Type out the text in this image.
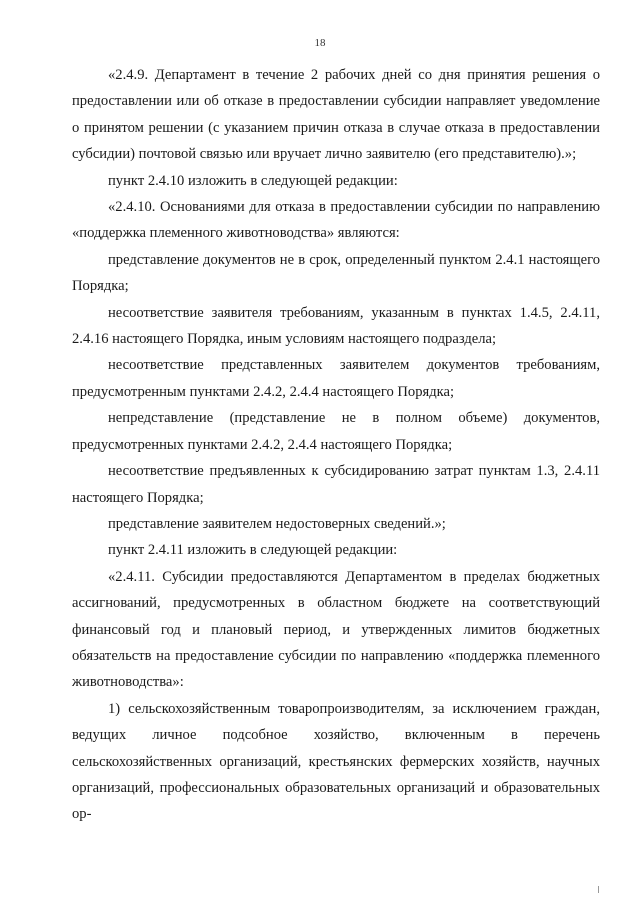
18

«2.4.9. Департамент в течение 2 рабочих дней со дня принятия решения о предоставлении или об отказе в предоставлении субсидии направляет уведомление о принятом решении (с указанием причин отказа в случае отказа в предоставлении субсидии) почтовой связью или вручает лично заявителю (его представителю).»;

пункт 2.4.10 изложить в следующей редакции:

«2.4.10. Основаниями для отказа в предоставлении субсидии по направлению «поддержка племенного животноводства» являются:

представление документов не в срок, определенный пунктом 2.4.1 настоящего Порядка;

несоответствие заявителя требованиям, указанным в пунктах 1.4.5, 2.4.11, 2.4.16 настоящего Порядка, иным условиям настоящего подраздела;

несоответствие представленных заявителем документов требованиям, предусмотренным пунктами 2.4.2, 2.4.4 настоящего Порядка;

непредставление (представление не в полном объеме) документов, предусмотренных пунктами 2.4.2, 2.4.4 настоящего Порядка;

несоответствие предъявленных к субсидированию затрат пунктам 1.3, 2.4.11 настоящего Порядка;

представление заявителем недостоверных сведений.»;

пункт 2.4.11 изложить в следующей редакции:

«2.4.11. Субсидии предоставляются Департаментом в пределах бюджетных ассигнований, предусмотренных в областном бюджете на соответствующий финансовый год и плановый период, и утвержденных лимитов бюджетных обязательств на предоставление субсидии по направлению «поддержка племенного животноводства»:

1) сельскохозяйственным товаропроизводителям, за исключением граждан, ведущих личное подсобное хозяйство, включенным в перечень сельскохозяйственных организаций, крестьянских фермерских хозяйств, научных организаций, профессиональных образовательных организаций и образовательных ор-
